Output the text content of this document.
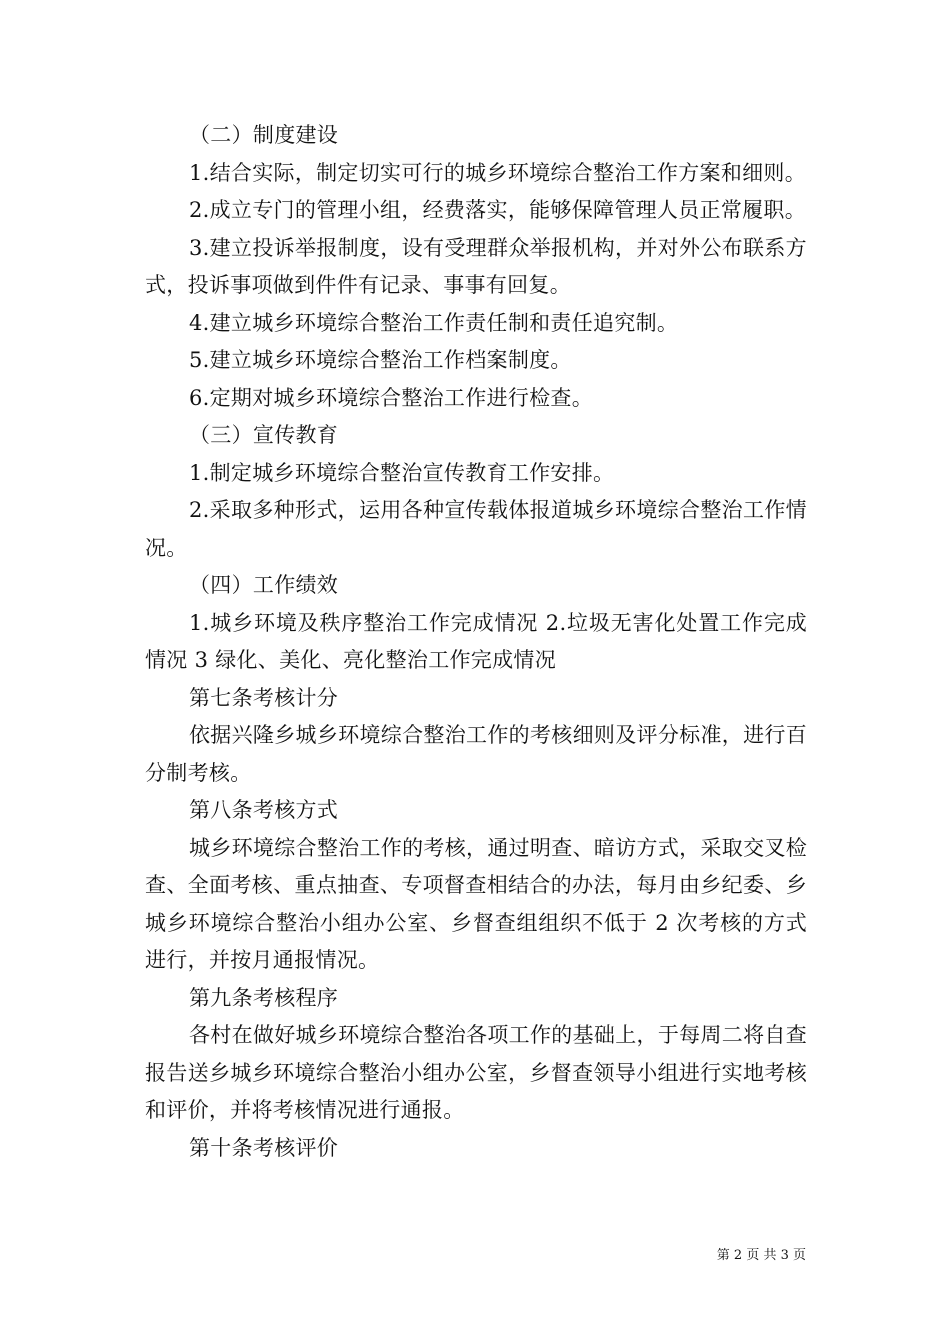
（二）制度建设

1.结合实际，制定切实可行的城乡环境综合整治工作方案和细则。

2.成立专门的管理小组，经费落实，能够保障管理人员正常履职。

3.建立投诉举报制度，设有受理群众举报机构，并对外公布联系方式，投诉事项做到件件有记录、事事有回复。

4.建立城乡环境综合整治工作责任制和责任追究制。

5.建立城乡环境综合整治工作档案制度。

6.定期对城乡环境综合整治工作进行检查。

（三）宣传教育

1.制定城乡环境综合整治宣传教育工作安排。

2.采取多种形式，运用各种宣传载体报道城乡环境综合整治工作情况。

（四）工作绩效

1.城乡环境及秩序整治工作完成情况 2.垃圾无害化处置工作完成情况 3 绿化、美化、亮化整治工作完成情况

第七条考核计分

依据兴隆乡城乡环境综合整治工作的考核细则及评分标准，进行百分制考核。

第八条考核方式

城乡环境综合整治工作的考核，通过明查、暗访方式，采取交叉检查、全面考核、重点抽查、专项督查相结合的办法，每月由乡纪委、乡城乡环境综合整治小组办公室、乡督查组组织不低于 2 次考核的方式进行，并按月通报情况。

第九条考核程序

各村在做好城乡环境综合整治各项工作的基础上，于每周二将自查报告送乡城乡环境综合整治小组办公室，乡督查领导小组进行实地考核和评价，并将考核情况进行通报。

第十条考核评价

第 2 页 共 3 页
